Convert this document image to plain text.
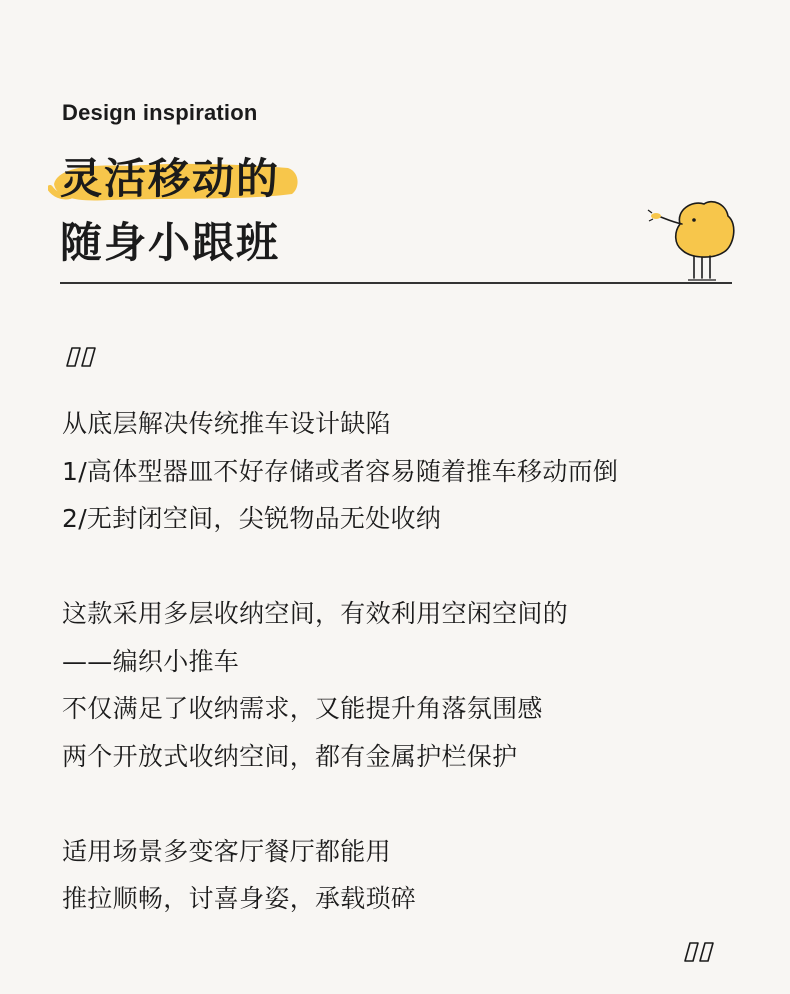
Design inspiration
灵活移动的
随身小跟班
从底层解决传统推车设计缺陷
1/高体型器皿不好存储或者容易随着推车移动而倒
2/无封闭空间，尖锐物品无处收纳
这款采用多层收纳空间，有效利用空闲空间的
——编织小推车
不仅满足了收纳需求，又能提升角落氛围感
两个开放式收纳空间，都有金属护栏保护
适用场景多变客厅餐厅都能用
推拉顺畅，讨喜身姿，承载琐碎
